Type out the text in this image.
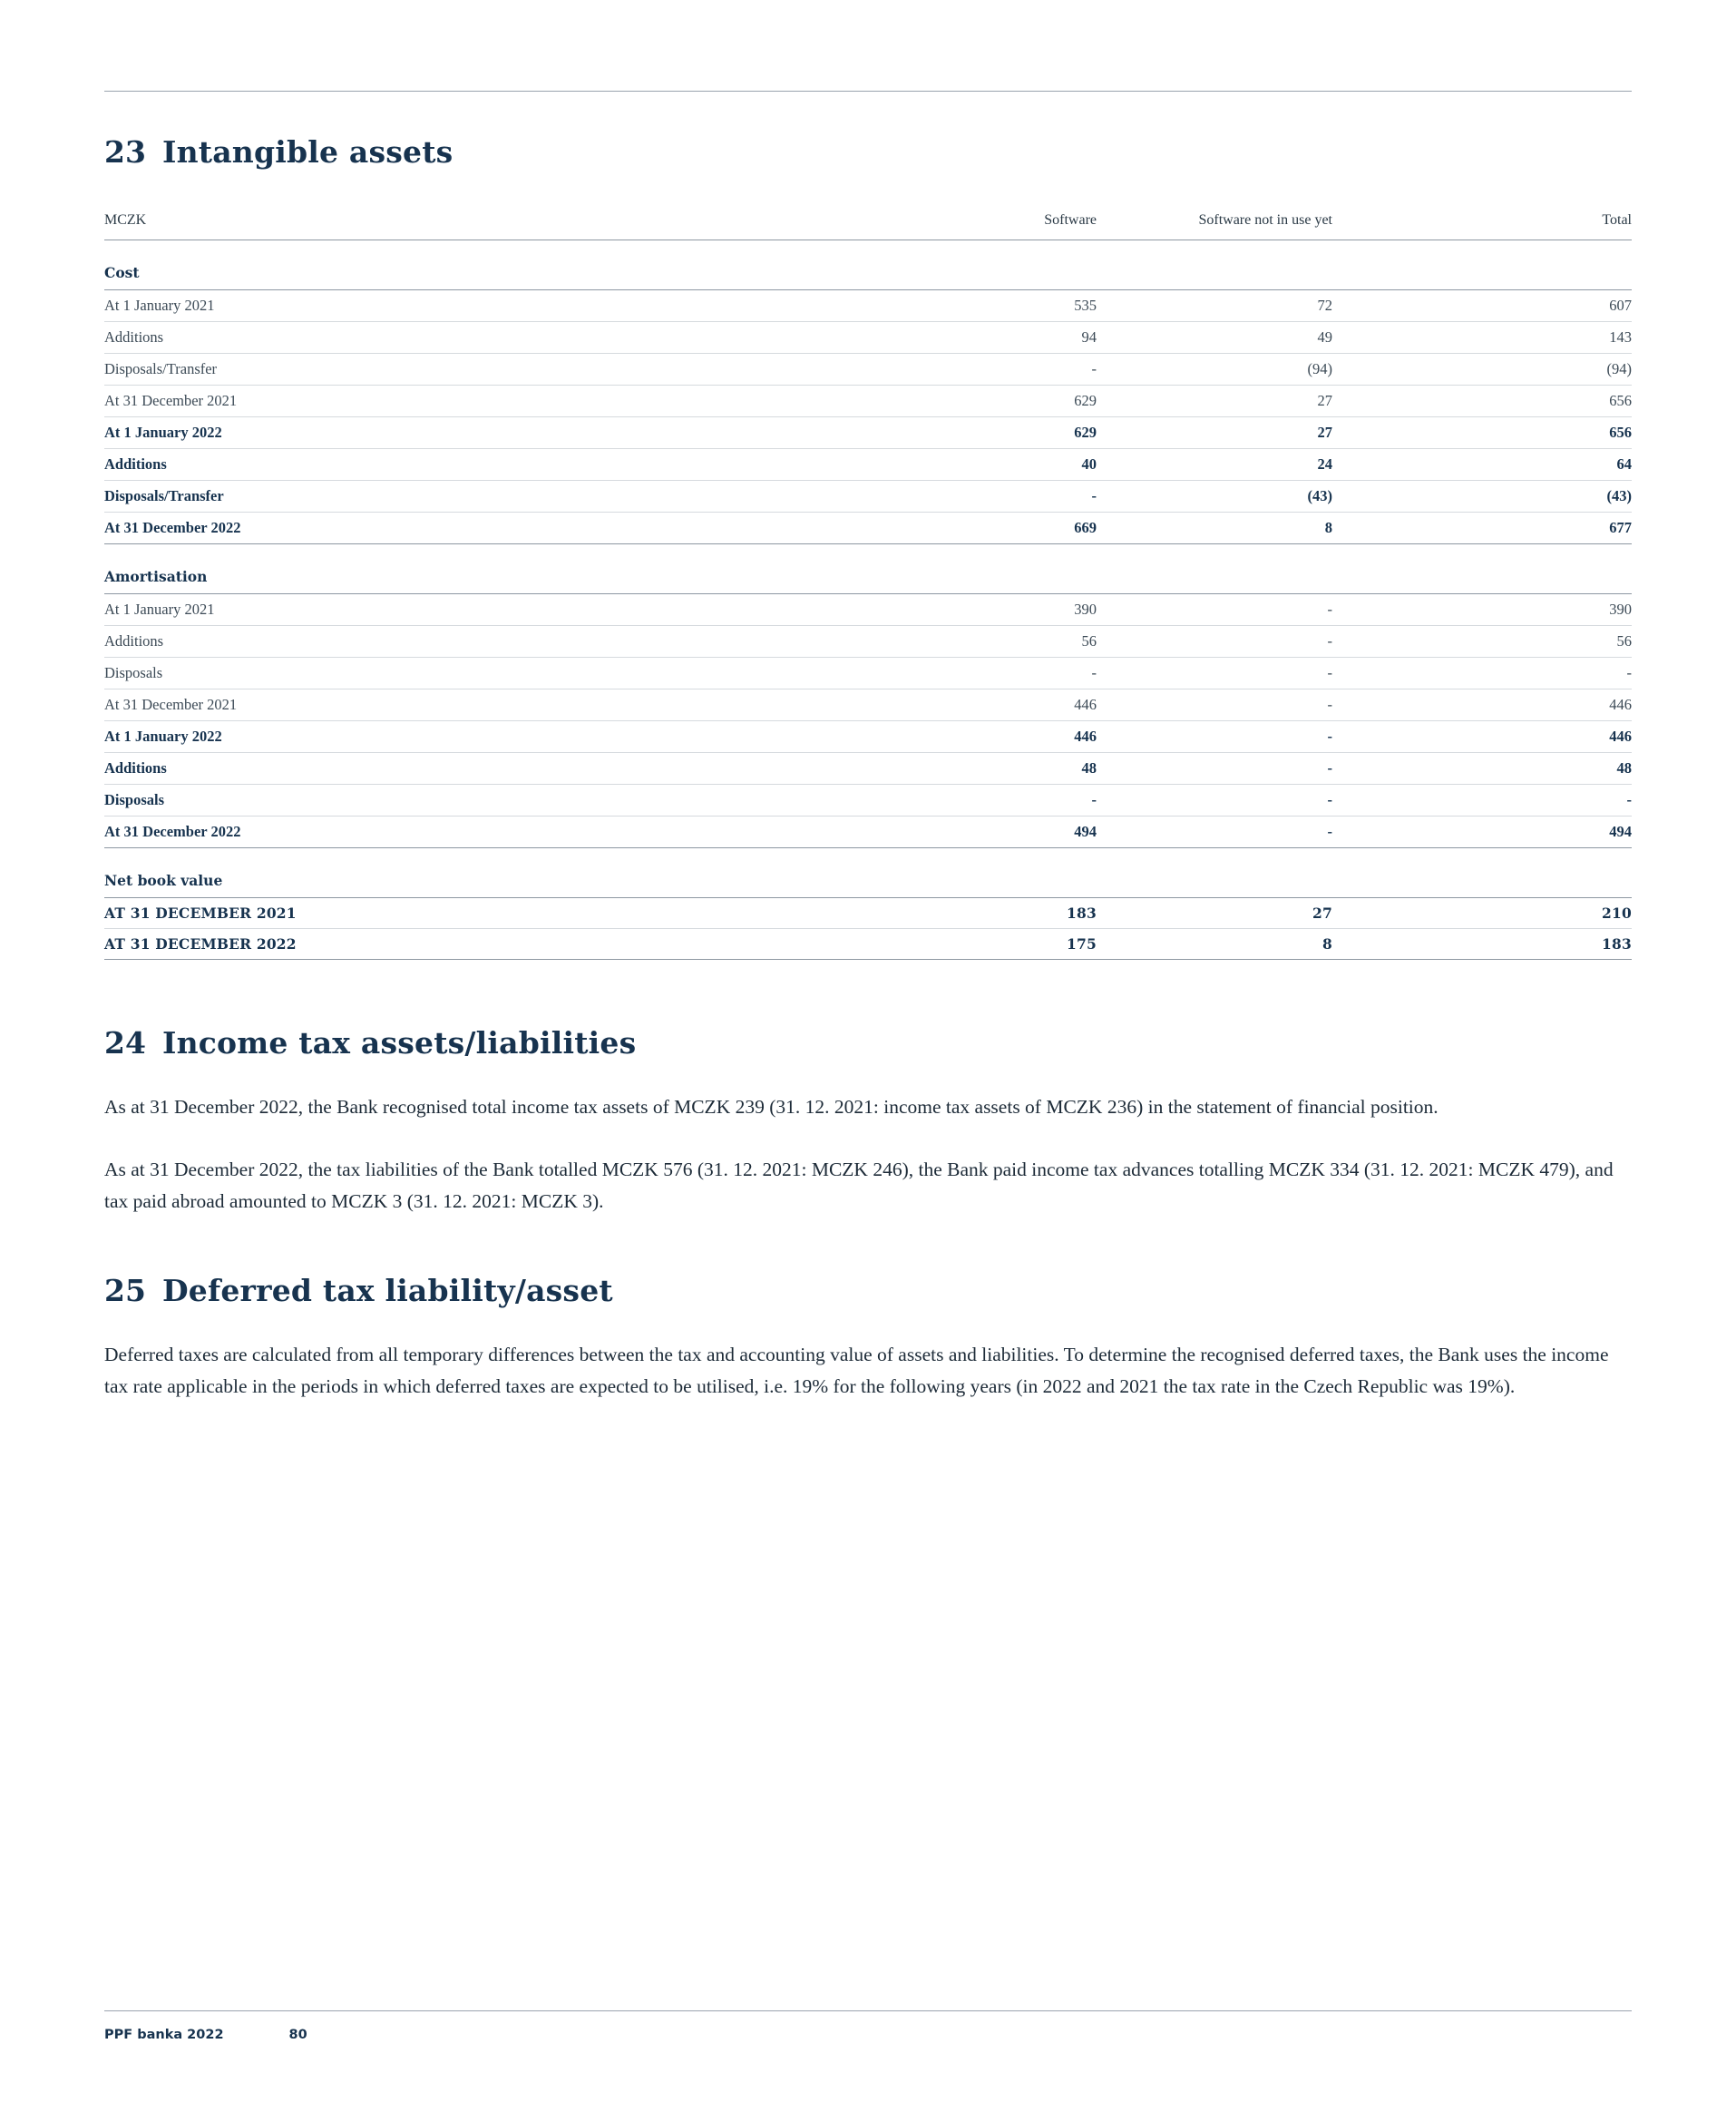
23 Intangible assets
MCZK	Software	Software not in use yet		Total
Cost				
At 1 January 2021	535	72		607
Additions	94	49		143
Disposals/Transfer	-	(94)		(94)
At 31 December 2021	629	27		656
At 1 January 2022	629	27		656
Additions	40	24		64
Disposals/Transfer	-	(43)		(43)
At 31 December 2022	669	8		677
Amortisation				
At 1 January 2021	390	-		390
Additions	56	-		56
Disposals	-	-		-
At 31 December 2021	446	-		446
At 1 January 2022	446	-		446
Additions	48	-		48
Disposals	-	-		-
At 31 December 2022	494	-		494
Net book value				
AT 31 DECEMBER 2021	183	27		210
AT 31 DECEMBER 2022	175	8		183
24 Income tax assets/liabilities

As at 31 December 2022, the Bank recognised total income tax assets of MCZK 239 (31. 12. 2021: income tax assets of MCZK 236) in the statement of financial position.

As at 31 December 2022, the tax liabilities of the Bank totalled MCZK 576 (31. 12. 2021: MCZK 246), the Bank paid income tax advances totalling MCZK 334 (31. 12. 2021: MCZK 479), and tax paid abroad amounted to MCZK 3 (31. 12. 2021: MCZK 3).

25 Deferred tax liability/asset

Deferred taxes are calculated from all temporary differences between the tax and accounting value of assets and liabilities. To determine the recognised deferred taxes, the Bank uses the income tax rate applicable in the periods in which deferred taxes are expected to be utilised, i.e. 19% for the following years (in 2022 and 2021 the tax rate in the Czech Republic was 19%).

PPF banka 2022	80
